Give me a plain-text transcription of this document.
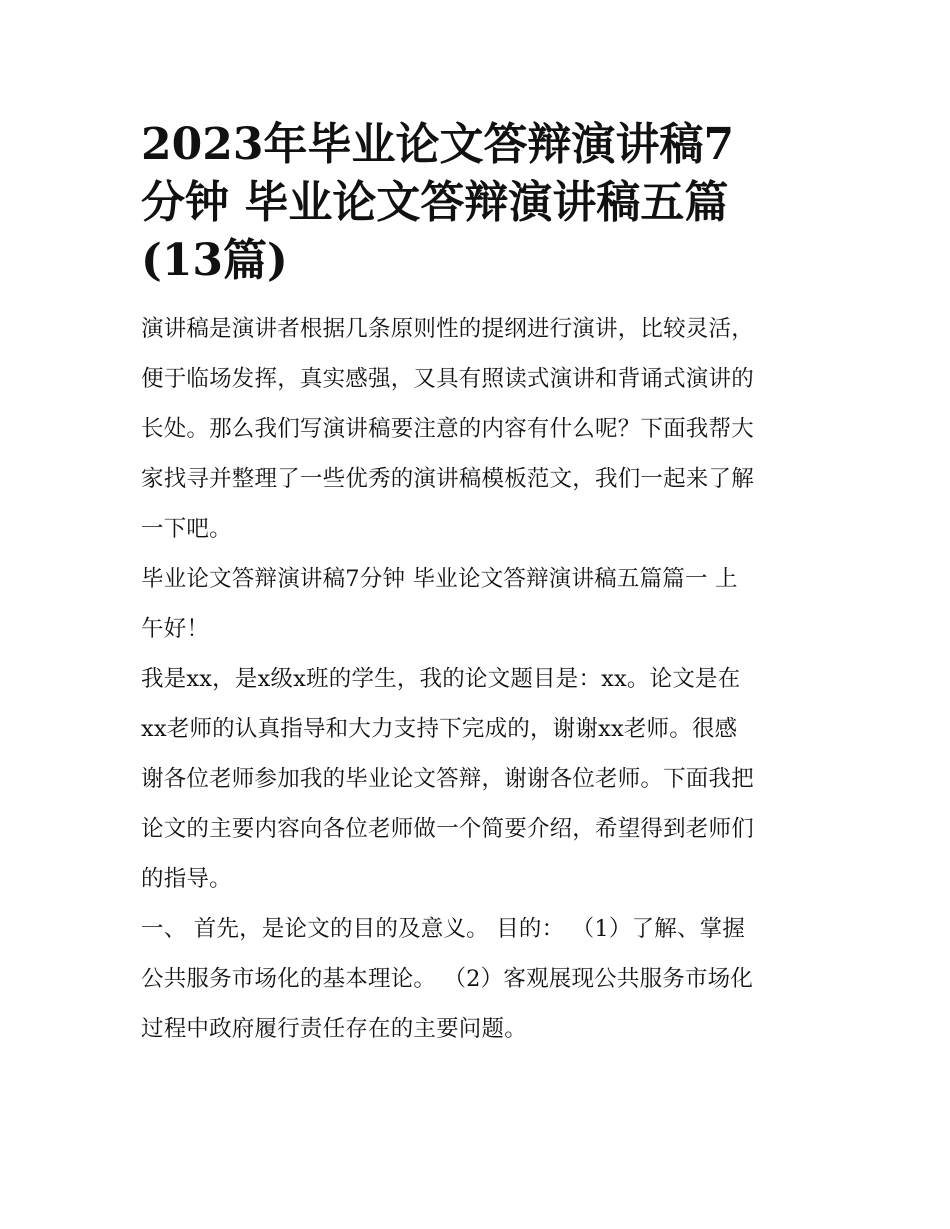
2023年毕业论文答辩演讲稿7
分钟 毕业论文答辩演讲稿五篇
(13篇)

演讲稿是演讲者根据几条原则性的提纲进行演讲，比较灵活，
便于临场发挥，真实感强，又具有照读式演讲和背诵式演讲的
长处。那么我们写演讲稿要注意的内容有什么呢？下面我帮大
家找寻并整理了一些优秀的演讲稿模板范文，我们一起来了解
一下吧。

毕业论文答辩演讲稿7分钟 毕业论文答辩演讲稿五篇篇一 上
午好！

我是xx，是x级x班的学生，我的论文题目是：xx。论文是在
xx老师的认真指导和大力支持下完成的，谢谢xx老师。很感
谢各位老师参加我的毕业论文答辩，谢谢各位老师。下面我把
论文的主要内容向各位老师做一个简要介绍，希望得到老师们
的指导。

一、 首先，是论文的目的及意义。 目的： （1）了解、掌握
公共服务市场化的基本理论。 （2）客观展现公共服务市场化
过程中政府履行责任存在的主要问题。
